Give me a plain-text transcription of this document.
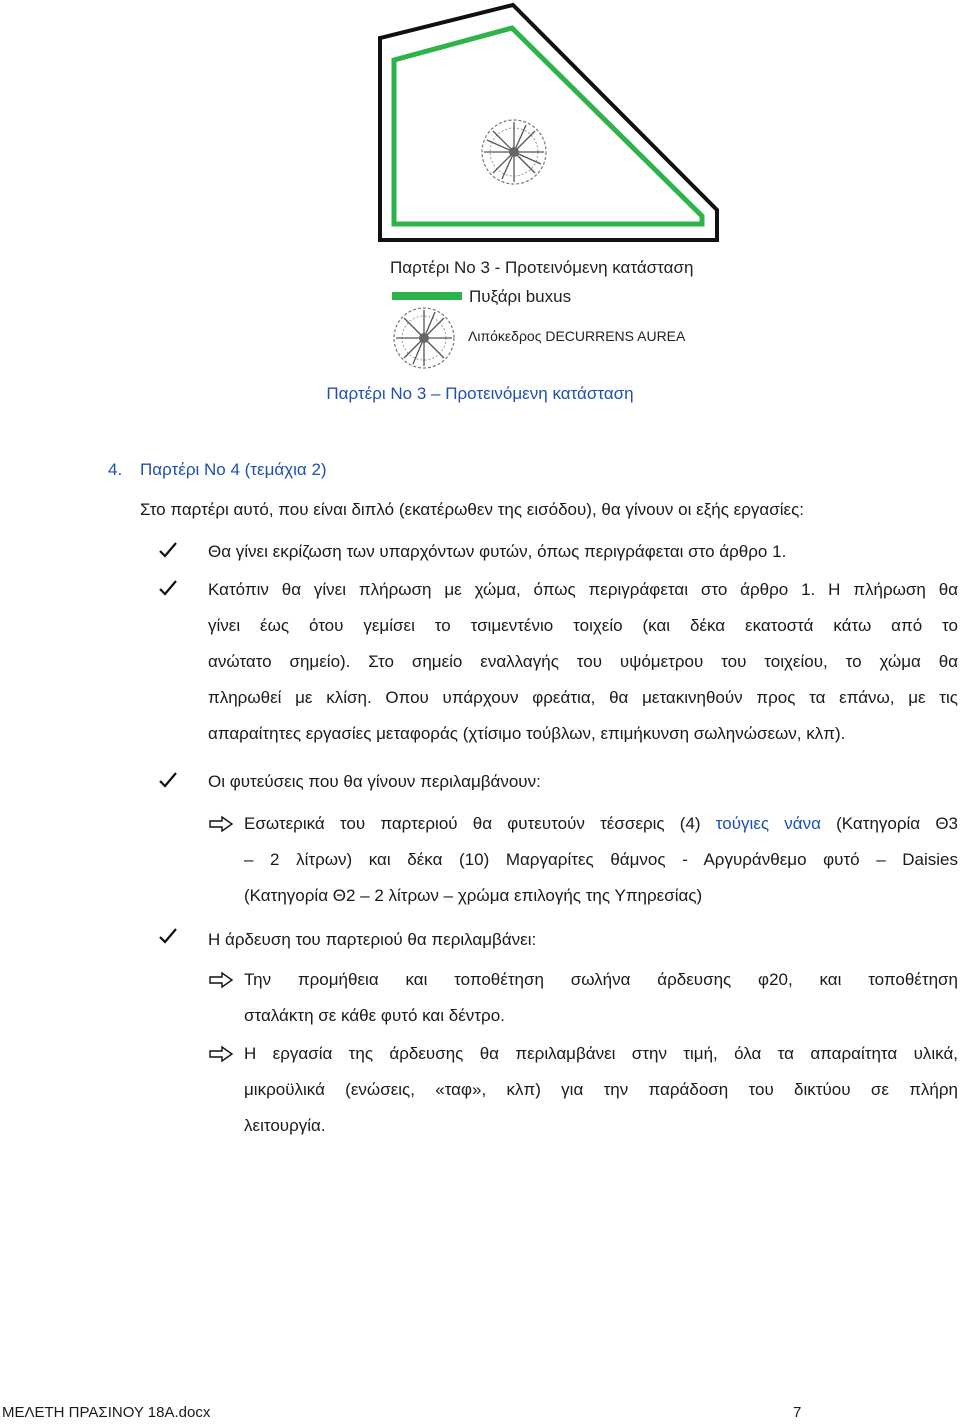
Παρτέρι Νο 3 - Προτεινόμενη κατάσταση
Πυξάρι buxus
Λιπόκεδρος DECURRENS AUREA
Παρτέρι Νο 3 – Προτεινόμενη κατάσταση
4. Παρτέρι Νο 4 (τεμάχια 2)
Στο παρτέρι αυτό, που είναι διπλό (εκατέρωθεν της εισόδου), θα γίνουν οι εξής εργασίες:
Θα γίνει εκρίζωση των υπαρχόντων φυτών, όπως περιγράφεται στο άρθρο 1.
Κατόπιν θα γίνει πλήρωση με χώμα, όπως περιγράφεται στο άρθρο 1. Η πλήρωση θα
γίνει έως ότου γεμίσει το τσιμεντένιο τοιχείο (και δέκα εκατοστά κάτω από το
ανώτατο σημείο). Στο σημείο εναλλαγής του υψόμετρου του τοιχείου, το χώμα θα
πληρωθεί με κλίση. Οπου υπάρχουν φρεάτια, θα μετακινηθούν προς τα επάνω, με τις
απαραίτητες εργασίες μεταφοράς (χτίσιμο τούβλων, επιμήκυνση σωληνώσεων, κλπ).
Οι φυτεύσεις που θα γίνουν περιλαμβάνουν:
Εσωτερικά του παρτεριού θα φυτευτούν τέσσερις (4) τούγιες νάνα (Κατηγορία Θ3
– 2 λίτρων) και δέκα (10) Μαργαρίτες θάμνος - Αργυράνθεμο φυτό – Daisies
(Κατηγορία Θ2 – 2 λίτρων – χρώμα επιλογής της Υπηρεσίας)
Η άρδευση του παρτεριού θα περιλαμβάνει:
Την προμήθεια και τοποθέτηση σωλήνα άρδευσης φ20, και τοποθέτηση
σταλάκτη σε κάθε φυτό και δέντρο.
Η εργασία της άρδευσης θα περιλαμβάνει στην τιμή, όλα τα απαραίτητα υλικά,
μικροϋλικά (ενώσεις, «ταφ», κλπ) για την παράδοση του δικτύου σε πλήρη
λειτουργία.
ΜΕΛΕΤΗ ΠΡΑΣΙΝΟΥ 18Α.docx	7
